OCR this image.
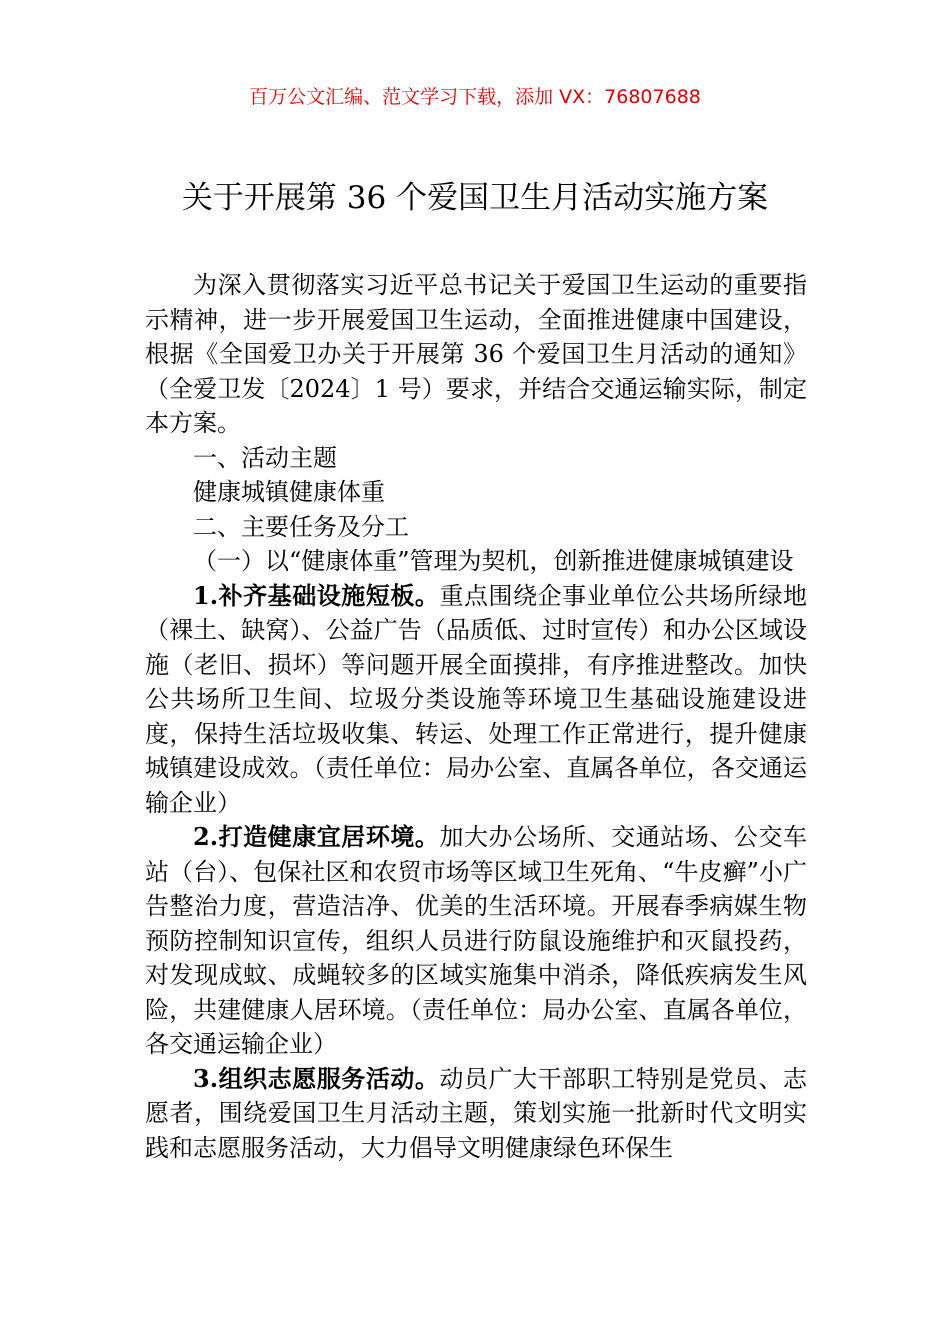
百万公文汇编、范文学习下载，添加 VX：76807688
关于开展第 36 个爱国卫生月活动实施方案

为深入贯彻落实习近平总书记关于爱国卫生运动的重要指示精神，进一步开展爱国卫生运动，全面推进健康中国建设，根据《全国爱卫办关于开展第 36 个爱国卫生月活动的通知》（全爱卫发〔2024〕1 号）要求，并结合交通运输实际，制定本方案。

一、活动主题

健康城镇健康体重

二、主要任务及分工

（一）以“健康体重”管理为契机，创新推进健康城镇建设

1.补齐基础设施短板。重点围绕企事业单位公共场所绿地（裸土、缺窝）、公益广告（品质低、过时宣传）和办公区域设施（老旧、损坏）等问题开展全面摸排，有序推进整改。加快公共场所卫生间、垃圾分类设施等环境卫生基础设施建设进度，保持生活垃圾收集、转运、处理工作正常进行，提升健康城镇建设成效。（责任单位：局办公室、直属各单位，各交通运输企业）

2.打造健康宜居环境。加大办公场所、交通站场、公交车站（台）、包保社区和农贸市场等区域卫生死角、“牛皮癣”小广告整治力度，营造洁净、优美的生活环境。开展春季病媒生物预防控制知识宣传，组织人员进行防鼠设施维护和灭鼠投药，对发现成蚊、成蝇较多的区域实施集中消杀，降低疾病发生风险，共建健康人居环境。（责任单位：局办公室、直属各单位，各交通运输企业）

3.组织志愿服务活动。动员广大干部职工特别是党员、志愿者，围绕爱国卫生月活动主题，策划实施一批新时代文明实践和志愿服务活动，大力倡导文明健康绿色环保生
